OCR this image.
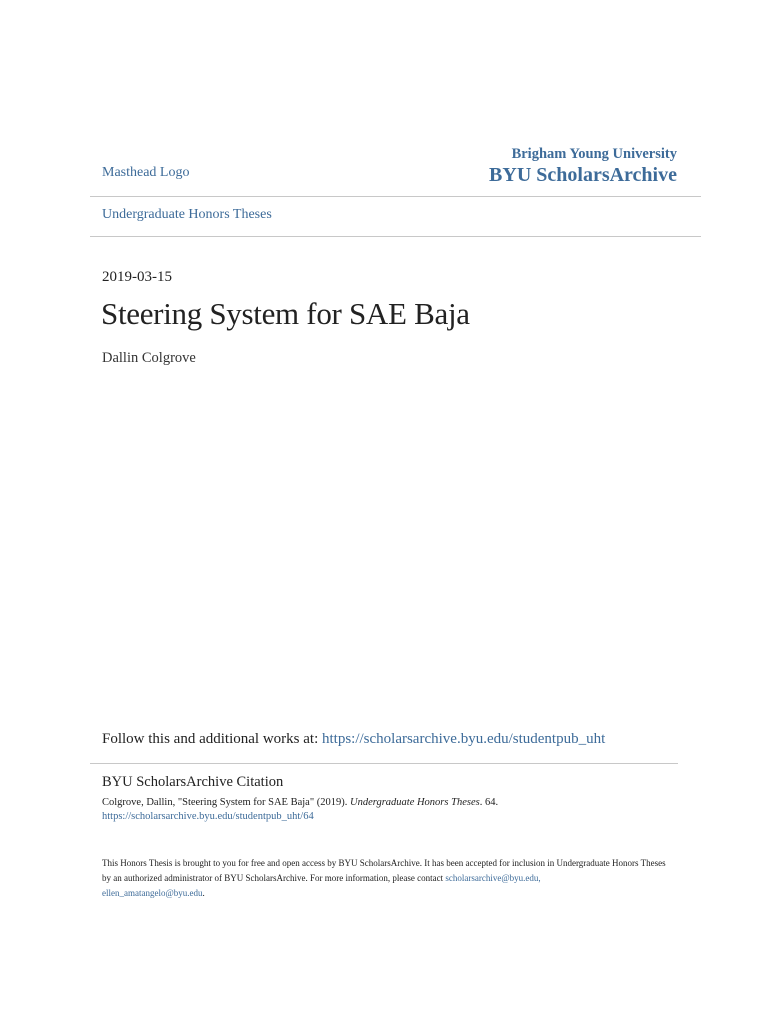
Masthead Logo
Brigham Young University
BYU ScholarsArchive
Undergraduate Honors Theses
2019-03-15
Steering System for SAE Baja
Dallin Colgrove
Follow this and additional works at: https://scholarsarchive.byu.edu/studentpub_uht
BYU ScholarsArchive Citation
Colgrove, Dallin, "Steering System for SAE Baja" (2019). Undergraduate Honors Theses. 64.
https://scholarsarchive.byu.edu/studentpub_uht/64
This Honors Thesis is brought to you for free and open access by BYU ScholarsArchive. It has been accepted for inclusion in Undergraduate Honors Theses by an authorized administrator of BYU ScholarsArchive. For more information, please contact scholarsarchive@byu.edu,
ellen_amatangelo@byu.edu.
